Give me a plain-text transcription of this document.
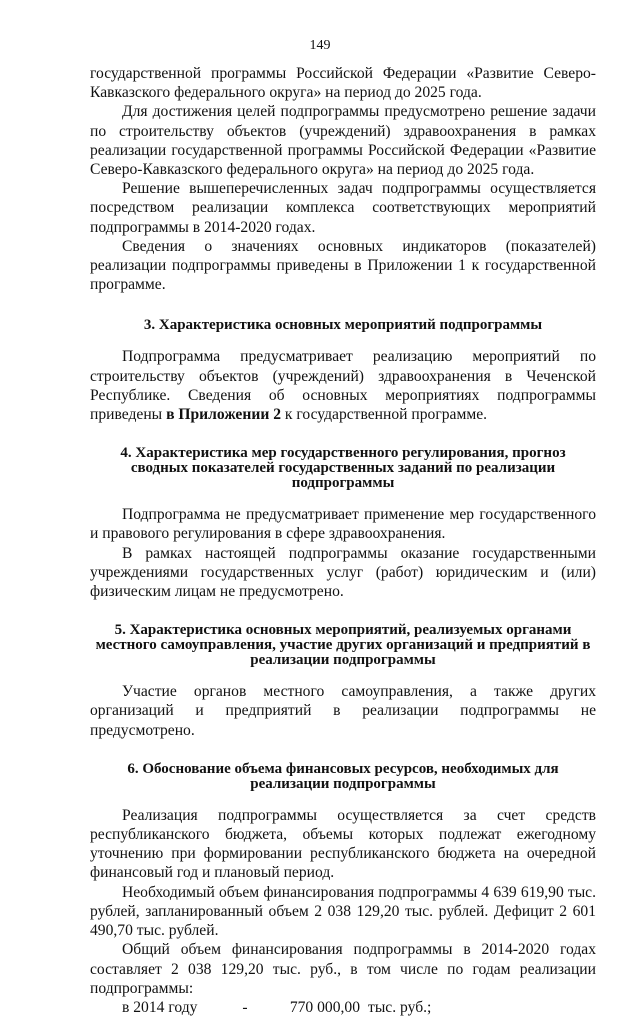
149

государственной программы Российской Федерации «Развитие Северо-Кавказского федерального округа» на период до 2025 года.

Для достижения целей подпрограммы предусмотрено решение задачи по строительству объектов (учреждений) здравоохранения в рамках реализации государственной программы Российской Федерации «Развитие Северо-Кавказского федерального округа» на период до 2025 года.

Решение вышеперечисленных задач подпрограммы осуществляется посредством реализации комплекса соответствующих мероприятий подпрограммы в 2014-2020 годах.

Сведения о значениях основных индикаторов (показателей) реализации подпрограммы приведены в Приложении 1 к государственной программе.

3. Характеристика основных мероприятий подпрограммы

Подпрограмма предусматривает реализацию мероприятий по строительству объектов (учреждений) здравоохранения в Чеченской Республике. Сведения об основных мероприятиях подпрограммы приведены в Приложении 2 к государственной программе.

4. Характеристика мер государственного регулирования, прогноз сводных показателей государственных заданий по реализации подпрограммы

Подпрограмма не предусматривает применение мер государственного и правового регулирования в сфере здравоохранения.

В рамках настоящей подпрограммы оказание государственными учреждениями государственных услуг (работ) юридическим и (или) физическим лицам не предусмотрено.

5. Характеристика основных мероприятий, реализуемых органами местного самоуправления, участие других организаций и предприятий в реализации подпрограммы

Участие органов местного самоуправления, а также других организаций и предприятий в реализации подпрограммы не предусмотрено.

6. Обоснование объема финансовых ресурсов, необходимых для реализации подпрограммы

Реализация подпрограммы осуществляется за счет средств республиканского бюджета, объемы которых подлежат ежегодному уточнению при формировании республиканского бюджета на очередной финансовый год и плановый период.

Необходимый объем финансирования подпрограммы 4 639 619,90 тыс. рублей, запланированный объем 2 038 129,20 тыс. рублей. Дефицит 2 601 490,70 тыс. рублей.

Общий объем финансирования подпрограммы в 2014-2020 годах составляет 2 038 129,20 тыс. руб., в том числе по годам реализации подпрограммы:

в 2014 году	-	770 000,00 тыс. руб.;
